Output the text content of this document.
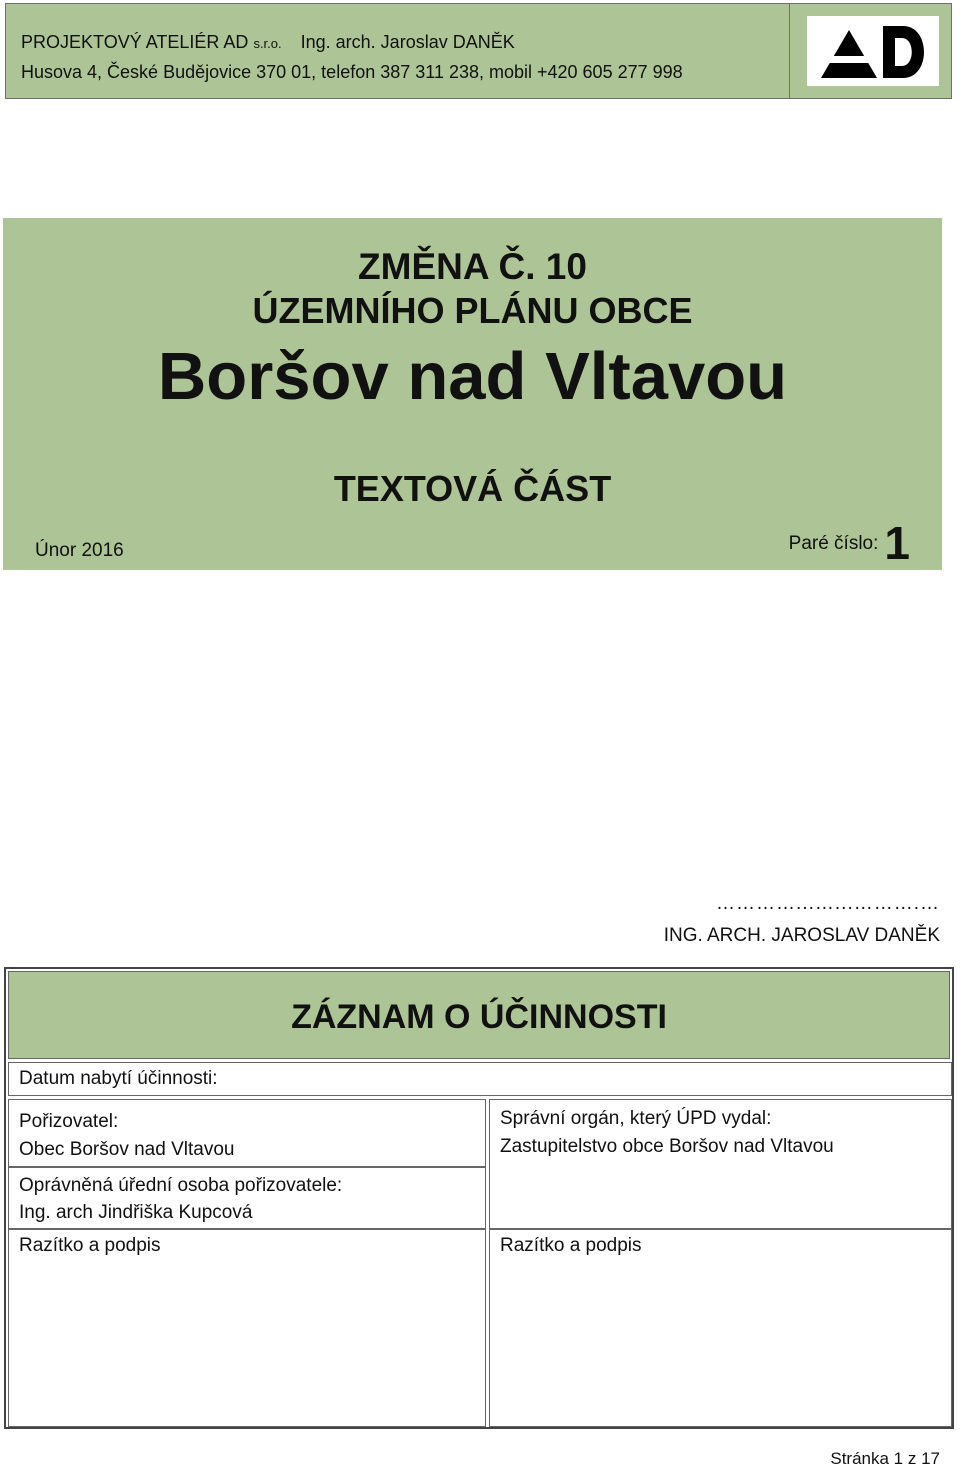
PROJEKTOVÝ ATELIÉR AD s.r.o. Ing. arch. Jaroslav DANĚK
Husova 4, České Budějovice 370 01, telefon 387 311 238, mobil +420 605 277 998
ZMĚNA Č. 10
ÚZEMNÍHO PLÁNU OBCE
Boršov nad Vltavou
TEXTOVÁ ČÁST
Únor 2016	Paré číslo: 1
…………...…...……….…
ING. ARCH. JAROSLAV DANĚK
ZÁZNAM O ÚČINNOSTI
Datum nabytí účinnosti:
Pořizovatel:
Obec Boršov nad Vltavou
Oprávněná úřední osoba pořizovatele:
Ing. arch Jindřiška Kupcová
Razítko a podpis
Správní orgán, který ÚPD vydal:
Zastupitelstvo obce Boršov nad Vltavou
Razítko a podpis
Stránka 1 z 17
